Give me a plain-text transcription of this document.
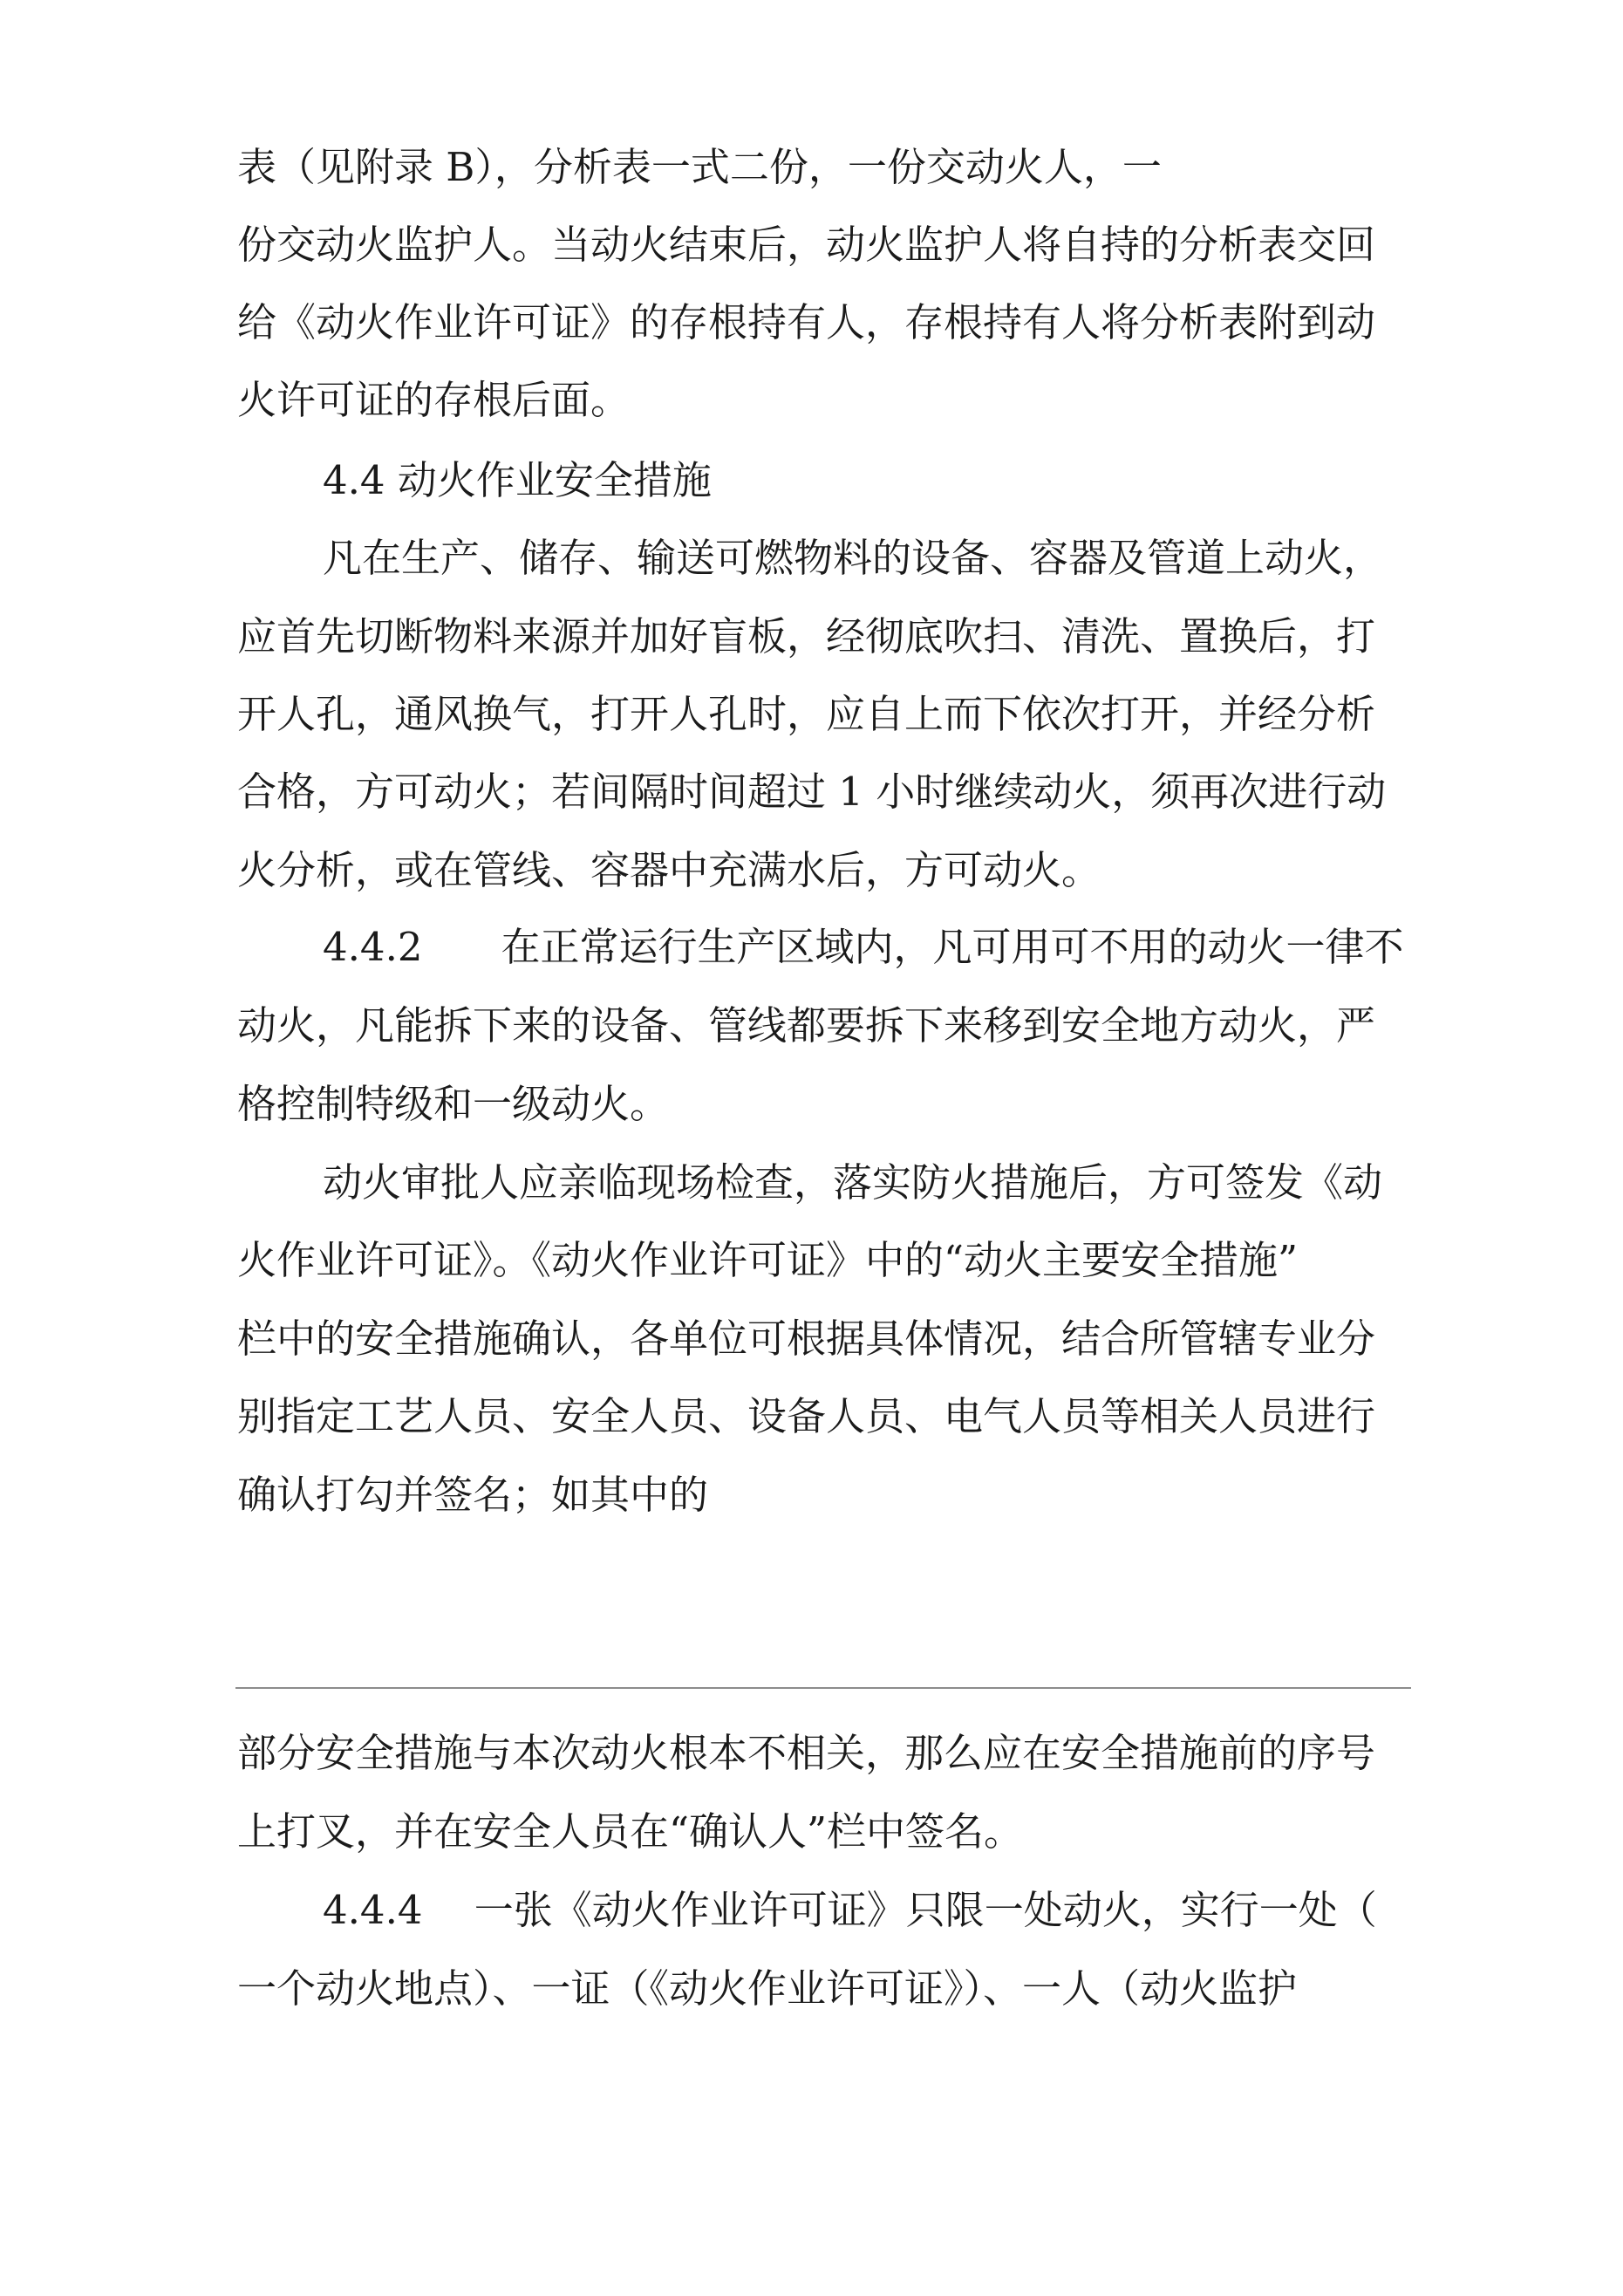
表（见附录 B），分析表一式二份，一份交动火人，一

份交动火监护人。当动火结束后，动火监护人将自持的分析表交回

给《动火作业许可证》的存根持有人，存根持有人将分析表附到动

火许可证的存根后面。

4.4 动火作业安全措施

凡在生产、储存、输送可燃物料的设备、容器及管道上动火，

应首先切断物料来源并加好盲板，经彻底吹扫、清洗、置换后，打

开人孔，通风换气，打开人孔时，应自上而下依次打开，并经分析

合格，方可动火；若间隔时间超过 1 小时继续动火，须再次进行动

火分析，或在管线、容器中充满水后，方可动火。

4.4.2　　在正常运行生产区域内，凡可用可不用的动火一律不

动火，凡能拆下来的设备、管线都要拆下来移到安全地方动火，严

格控制特级和一级动火。

动火审批人应亲临现场检查，落实防火措施后，方可签发《动

火作业许可证》。《动火作业许可证》中的“动火主要安全措施”

栏中的安全措施确认，各单位可根据具体情况，结合所管辖专业分

别指定工艺人员、安全人员、设备人员、电气人员等相关人员进行

确认打勾并签名；如其中的

部分安全措施与本次动火根本不相关，那么应在安全措施前的序号

上打叉，并在安全人员在“确认人”栏中签名。

4.4.4　 一张《动火作业许可证》只限一处动火，实行一处（

一个动火地点）、一证（《动火作业许可证》）、一人（动火监护
